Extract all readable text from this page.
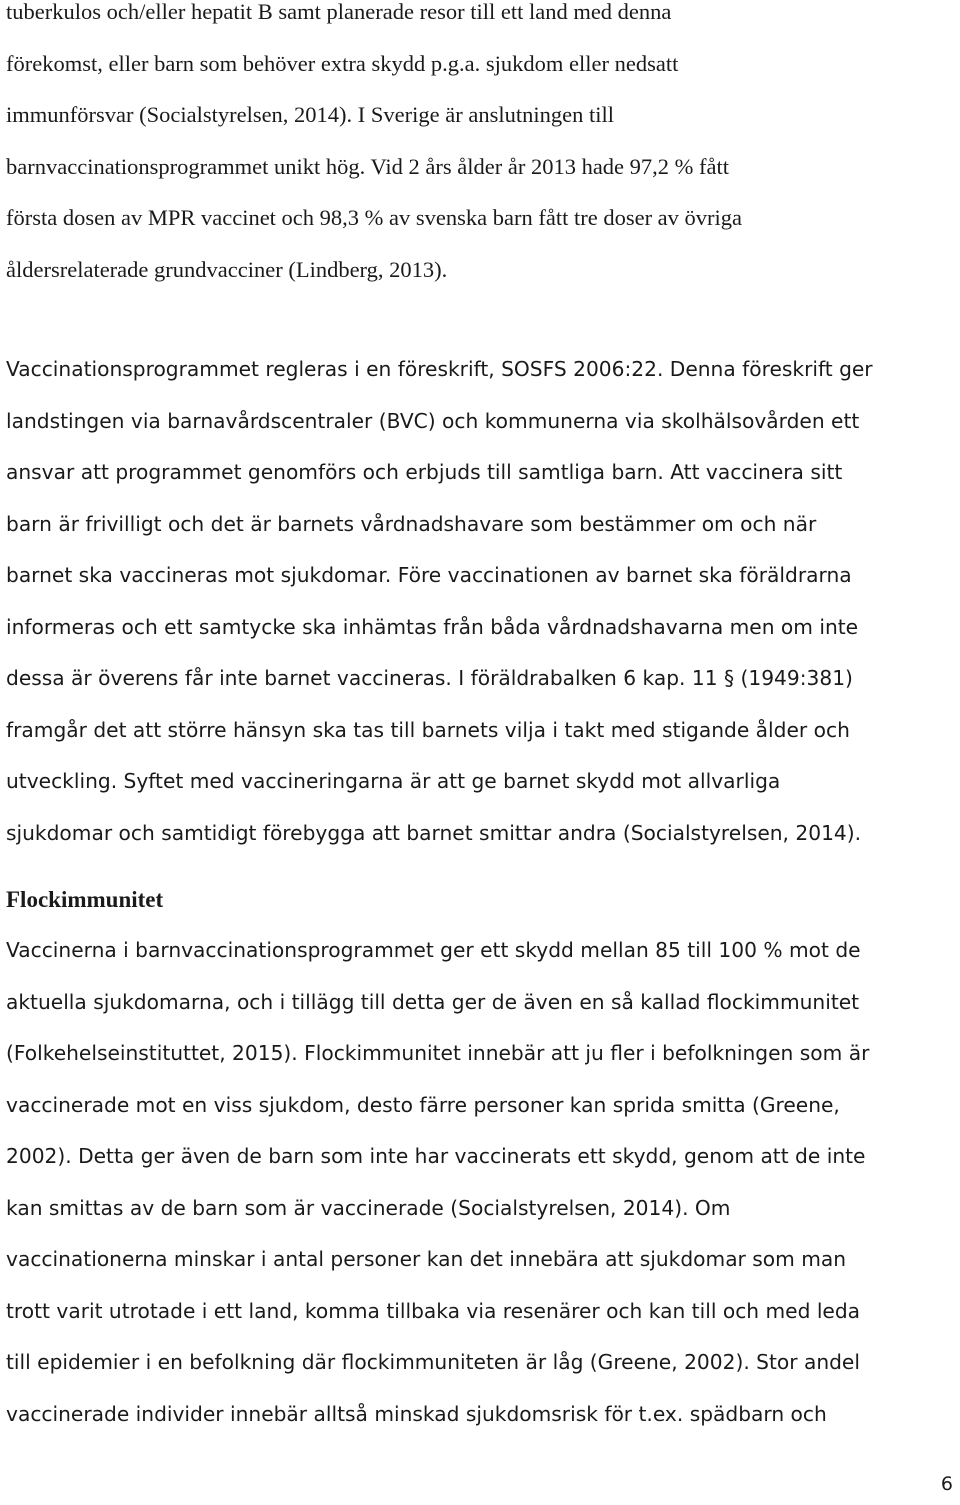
tuberkulos och/eller hepatit B samt planerade resor till ett land med denna
förekomst, eller barn som behöver extra skydd p.g.a. sjukdom eller nedsatt
immunförsvar (Socialstyrelsen, 2014). I Sverige är anslutningen till
barnvaccinationsprogrammet unikt hög. Vid 2 års ålder år 2013 hade 97,2 % fått
första dosen av MPR vaccinet och 98,3 % av svenska barn fått tre doser av övriga
åldersrelaterade grundvacciner (Lindberg, 2013).
Vaccinationsprogrammet regleras i en föreskrift, SOSFS 2006:22. Denna föreskrift ger
landstingen via barnavårdscentraler (BVC) och kommunerna via skolhälsovården ett
ansvar att programmet genomförs och erbjuds till samtliga barn. Att vaccinera sitt
barn är frivilligt och det är barnets vårdnadshavare som bestämmer om och när
barnet ska vaccineras mot sjukdomar. Före vaccinationen av barnet ska föräldrarna
informeras och ett samtycke ska inhämtas från båda vårdnadshavarna men om inte
dessa är överens får inte barnet vaccineras. I föräldrabalken 6 kap. 11 § (1949:381)
framgår det att större hänsyn ska tas till barnets vilja i takt med stigande ålder och
utveckling. Syftet med vaccineringarna är att ge barnet skydd mot allvarliga
sjukdomar och samtidigt förebygga att barnet smittar andra (Socialstyrelsen, 2014).
Flockimmunitet
Vaccinerna i barnvaccinationsprogrammet ger ett skydd mellan 85 till 100 % mot de
aktuella sjukdomarna, och i tillägg till detta ger de även en så kallad flockimmunitet
(Folkehelseinstituttet, 2015). Flockimmunitet innebär att ju fler i befolkningen som är
vaccinerade mot en viss sjukdom, desto färre personer kan sprida smitta (Greene,
2002). Detta ger även de barn som inte har vaccinerats ett skydd, genom att de inte
kan smittas av de barn som är vaccinerade (Socialstyrelsen, 2014). Om
vaccinationerna minskar i antal personer kan det innebära att sjukdomar som man
trott varit utrotade i ett land, komma tillbaka via resenärer och kan till och med leda
till epidemier i en befolkning där flockimmuniteten är låg (Greene, 2002). Stor andel
vaccinerade individer innebär alltså minskad sjukdomsrisk för t.ex. spädbarn och
6
